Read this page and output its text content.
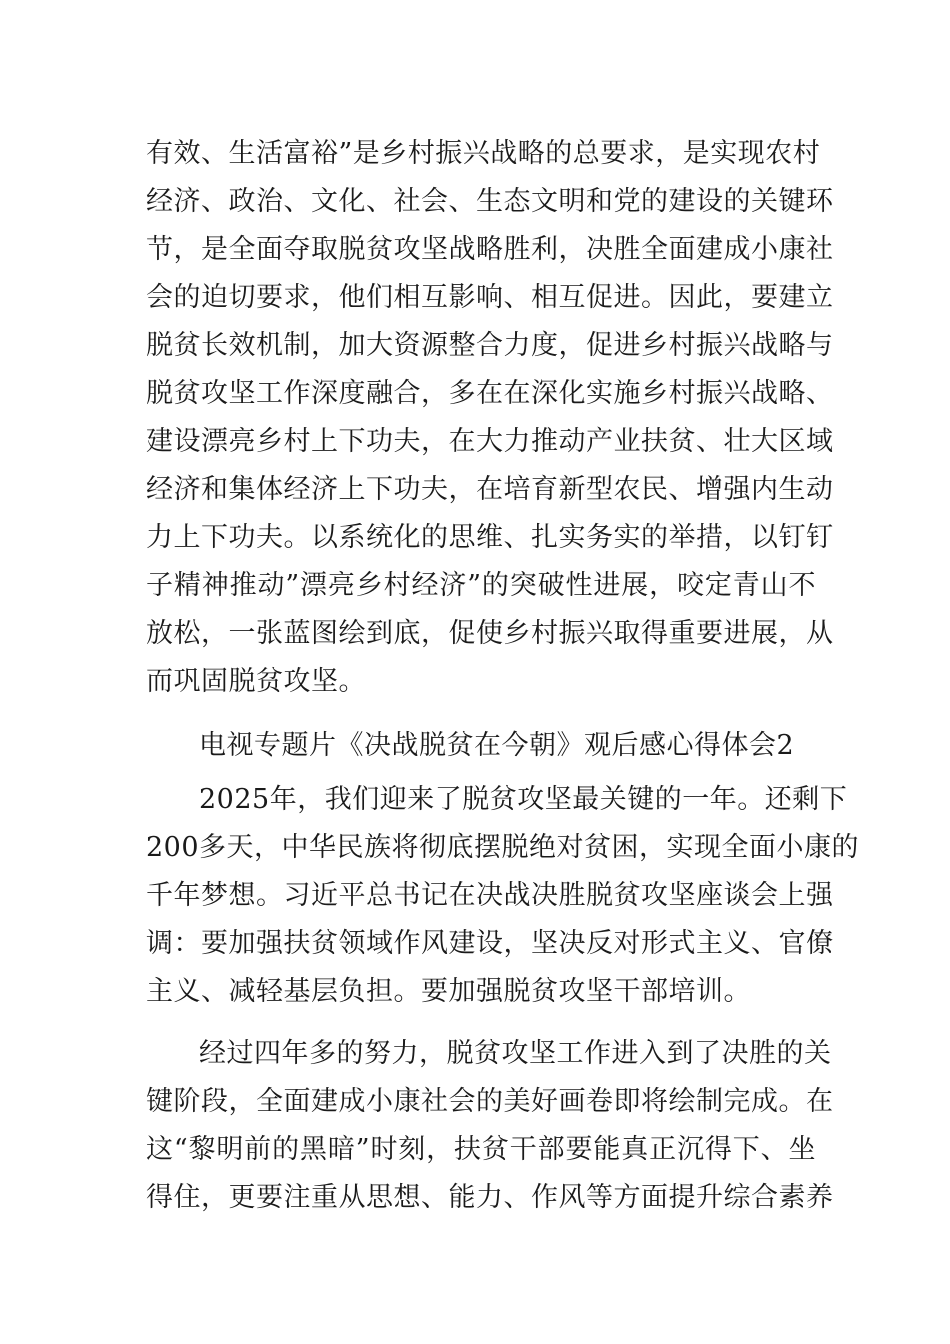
有效、生活富裕”是乡村振兴战略的总要求，是实现农村
经济、政治、文化、社会、生态文明和党的建设的关键环
节，是全面夺取脱贫攻坚战略胜利，决胜全面建成小康社
会的迫切要求，他们相互影响、相互促进。因此，要建立
脱贫长效机制，加大资源整合力度，促进乡村振兴战略与
脱贫攻坚工作深度融合，多在在深化实施乡村振兴战略、
建设漂亮乡村上下功夫，在大力推动产业扶贫、壮大区域
经济和集体经济上下功夫，在培育新型农民、增强内生动
力上下功夫。以系统化的思维、扎实务实的举措，以钉钉
子精神推动”漂亮乡村经济”的突破性进展，咬定青山不
放松，一张蓝图绘到底，促使乡村振兴取得重要进展，从
而巩固脱贫攻坚。
电视专题片《决战脱贫在今朝》观后感心得体会2
2025年，我们迎来了脱贫攻坚最关键的一年。还剩下
200多天，中华民族将彻底摆脱绝对贫困，实现全面小康的
千年梦想。习近平总书记在决战决胜脱贫攻坚座谈会上强
调：要加强扶贫领域作风建设，坚决反对形式主义、官僚
主义、减轻基层负担。要加强脱贫攻坚干部培训。
经过四年多的努力，脱贫攻坚工作进入到了决胜的关
键阶段，全面建成小康社会的美好画卷即将绘制完成。在
这“黎明前的黑暗”时刻，扶贫干部要能真正沉得下、坐
得住，更要注重从思想、能力、作风等方面提升综合素养
